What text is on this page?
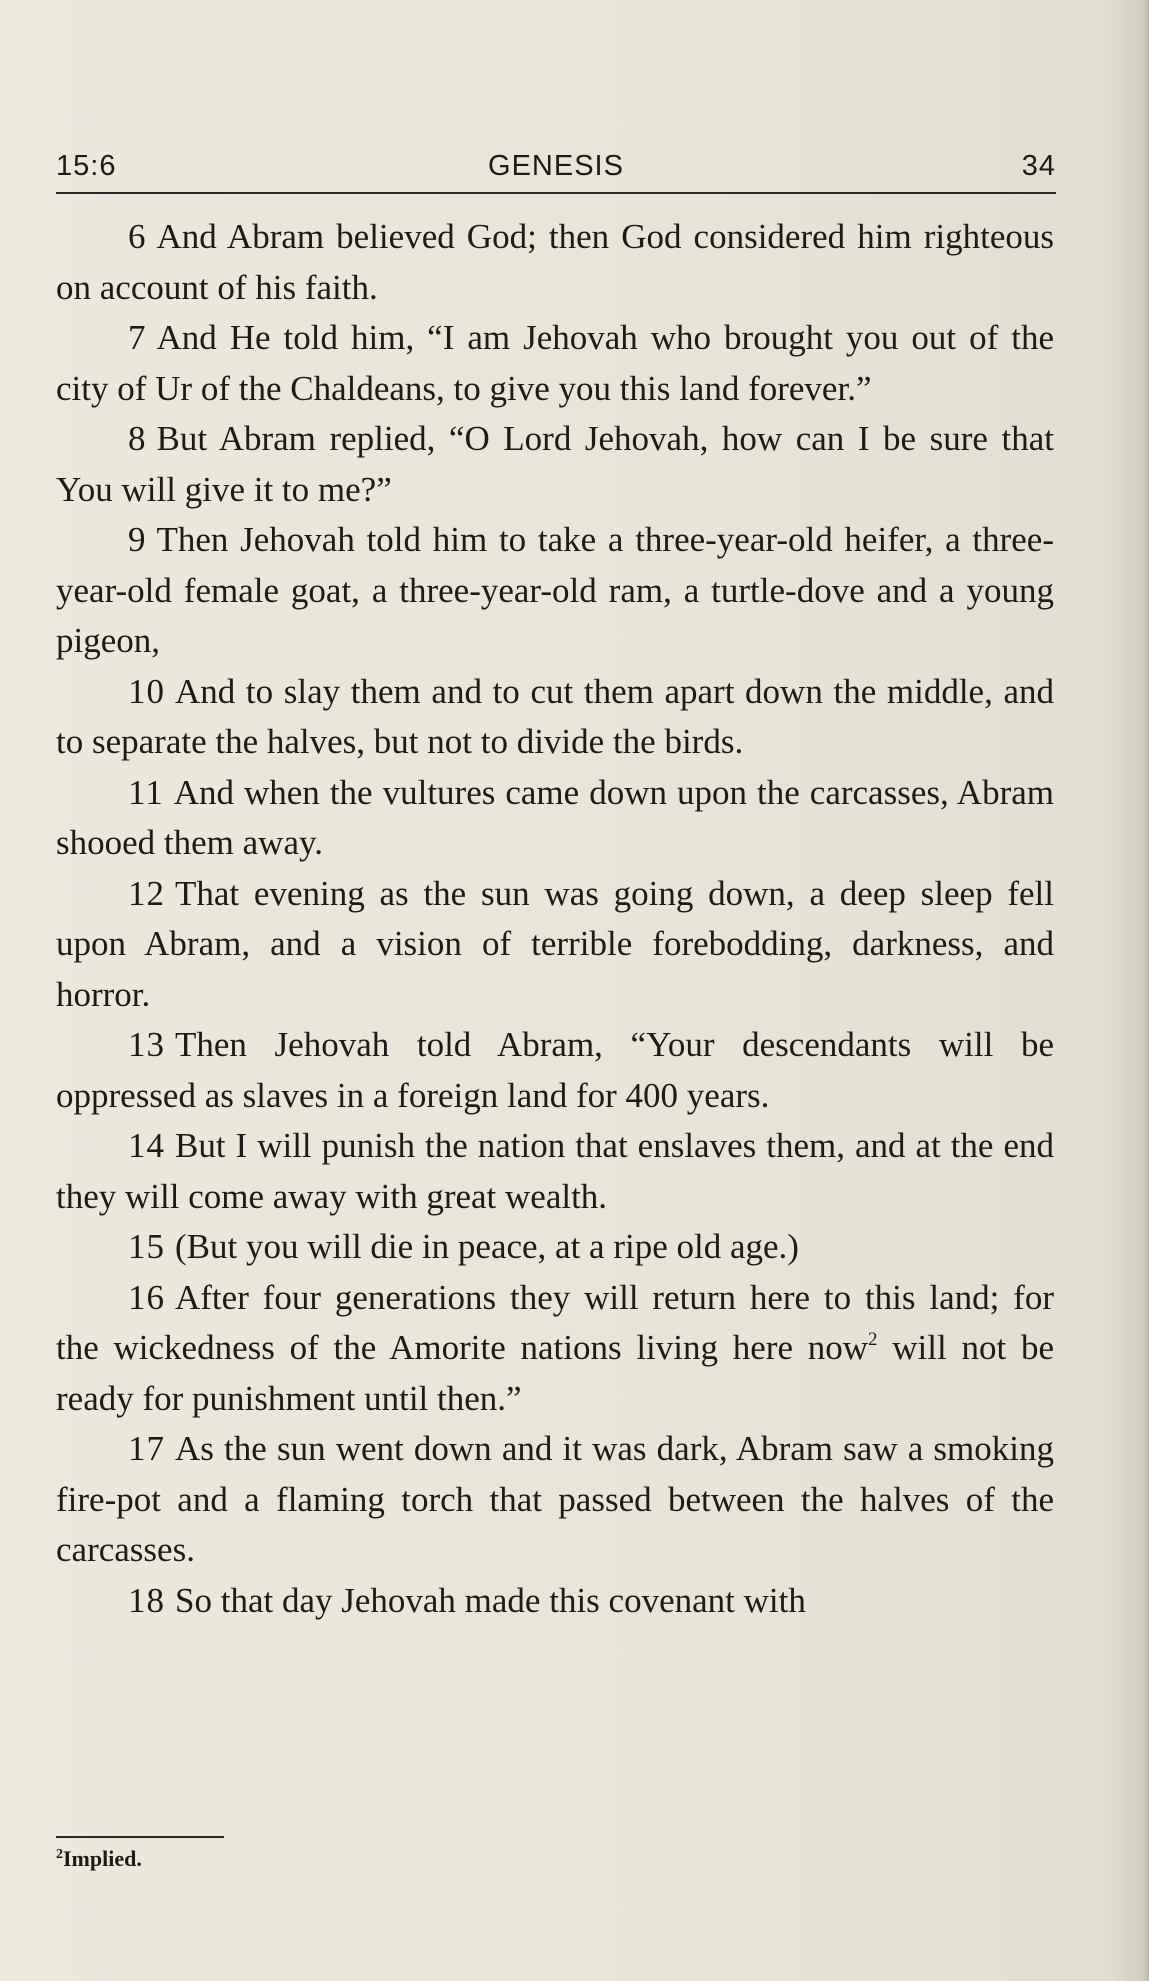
15:6	GENESIS	34

6 And Abram believed God; then God considered him righteous on account of his faith.

7 And He told him, “I am Jehovah who brought you out of the city of Ur of the Chaldeans, to give you this land forever.”

8 But Abram replied, “O Lord Jehovah, how can I be sure that You will give it to me?”

9 Then Jehovah told him to take a three-year-old heifer, a three-year-old female goat, a three-year-old ram, a turtle-dove and a young pigeon,

10 And to slay them and to cut them apart down the middle, and to separate the halves, but not to divide the birds.

11 And when the vultures came down upon the carcasses, Abram shooed them away.

12 That evening as the sun was going down, a deep sleep fell upon Abram, and a vision of terrible forebodding, darkness, and horror.

13 Then Jehovah told Abram, “Your descendants will be oppressed as slaves in a foreign land for 400 years.

14 But I will punish the nation that enslaves them, and at the end they will come away with great wealth.

15 (But you will die in peace, at a ripe old age.)

16 After four generations they will return here to this land; for the wickedness of the Amorite nations living here now$^2$ will not be ready for punishment until then.”

17 As the sun went down and it was dark, Abram saw a smoking fire-pot and a flaming torch that passed between the halves of the carcasses.

18 So that day Jehovah made this covenant with

$^2$Implied.
